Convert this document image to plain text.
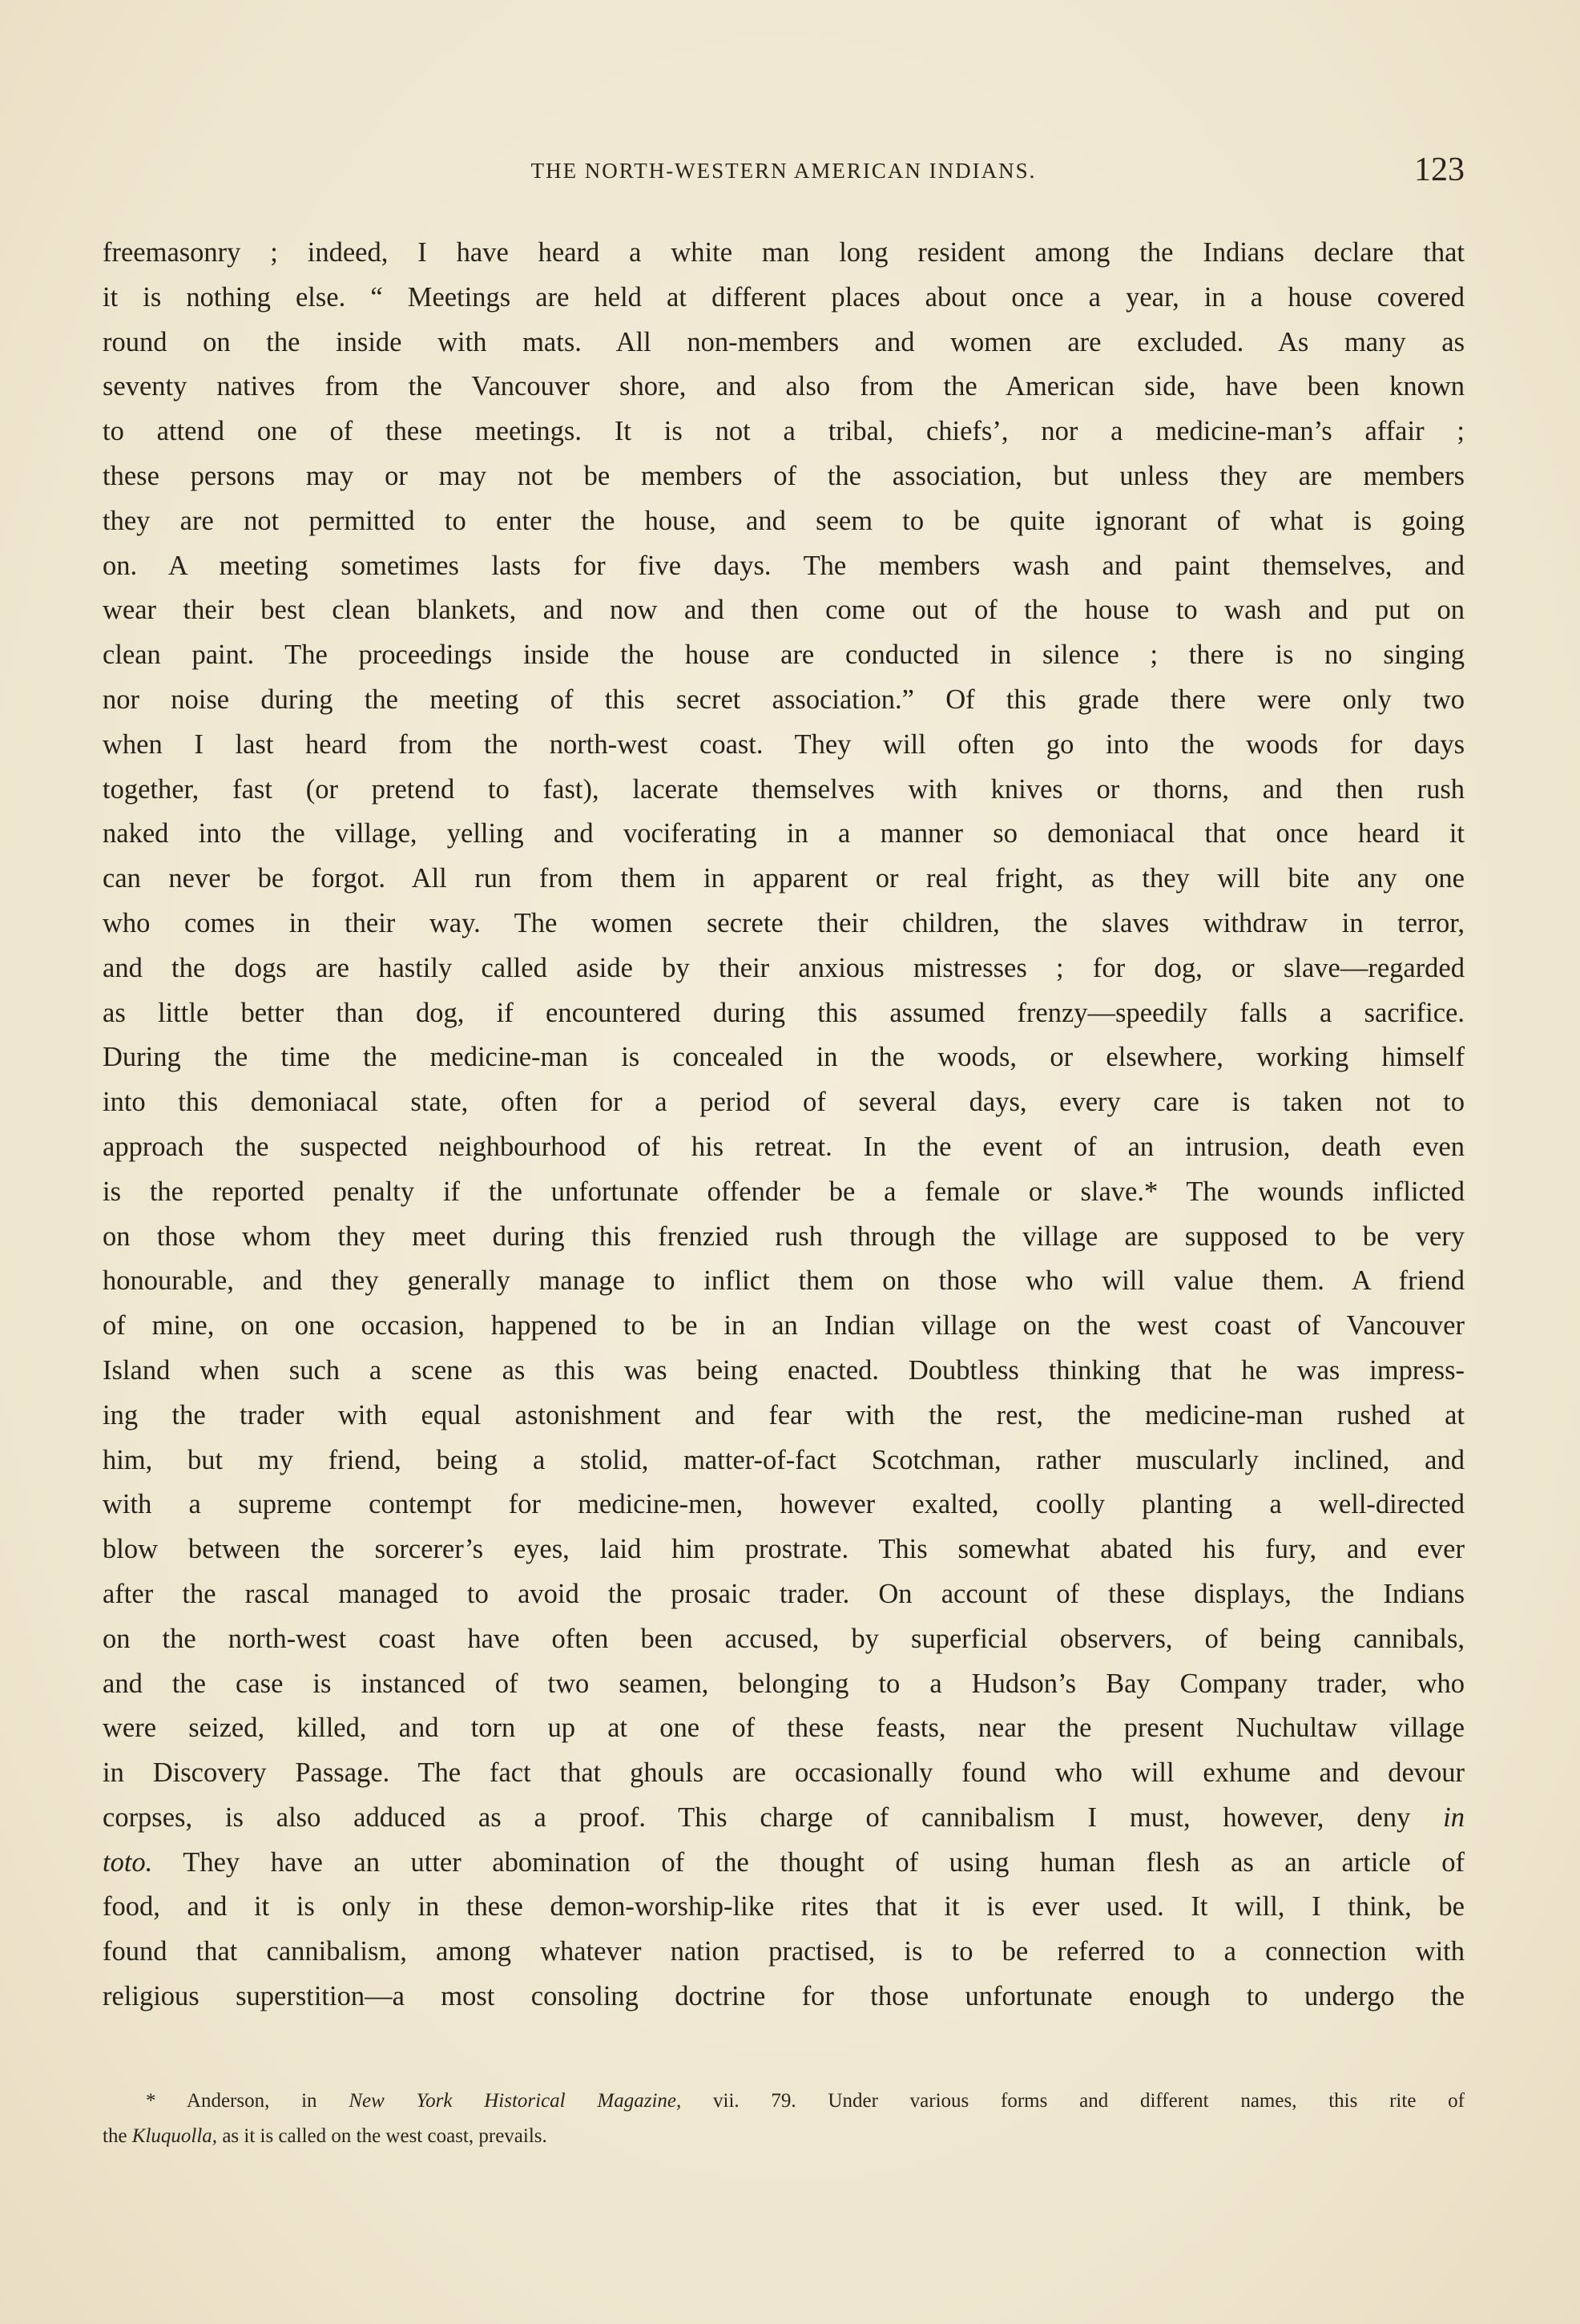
THE NORTH-WESTERN AMERICAN INDIANS.	123
freemasonry ; indeed, I have heard a white man long resident among the Indians declare that
it is nothing else. “ Meetings are held at different places about once a year, in a house covered
round on the inside with mats. All non-members and women are excluded. As many as
seventy natives from the Vancouver shore, and also from the American side, have been known
to attend one of these meetings. It is not a tribal, chiefs’, nor a medicine-man’s affair ;
these persons may or may not be members of the association, but unless they are members
they are not permitted to enter the house, and seem to be quite ignorant of what is going
on. A meeting sometimes lasts for five days. The members wash and paint themselves, and
wear their best clean blankets, and now and then come out of the house to wash and put on
clean paint. The proceedings inside the house are conducted in silence ; there is no singing
nor noise during the meeting of this secret association.” Of this grade there were only two
when I last heard from the north-west coast. They will often go into the woods for days
together, fast (or pretend to fast), lacerate themselves with knives or thorns, and then rush
naked into the village, yelling and vociferating in a manner so demoniacal that once heard it
can never be forgot. All run from them in apparent or real fright, as they will bite any one
who comes in their way. The women secrete their children, the slaves withdraw in terror,
and the dogs are hastily called aside by their anxious mistresses ; for dog, or slave—regarded
as little better than dog, if encountered during this assumed frenzy—speedily falls a sacrifice.
During the time the medicine-man is concealed in the woods, or elsewhere, working himself
into this demoniacal state, often for a period of several days, every care is taken not to
approach the suspected neighbourhood of his retreat. In the event of an intrusion, death even
is the reported penalty if the unfortunate offender be a female or slave.* The wounds inflicted
on those whom they meet during this frenzied rush through the village are supposed to be very
honourable, and they generally manage to inflict them on those who will value them. A friend
of mine, on one occasion, happened to be in an Indian village on the west coast of Vancouver
Island when such a scene as this was being enacted. Doubtless thinking that he was impress-
ing the trader with equal astonishment and fear with the rest, the medicine-man rushed at
him, but my friend, being a stolid, matter-of-fact Scotchman, rather muscularly inclined, and
with a supreme contempt for medicine-men, however exalted, coolly planting a well-directed
blow between the sorcerer’s eyes, laid him prostrate. This somewhat abated his fury, and ever
after the rascal managed to avoid the prosaic trader. On account of these displays, the Indians
on the north-west coast have often been accused, by superficial observers, of being cannibals,
and the case is instanced of two seamen, belonging to a Hudson’s Bay Company trader, who
were seized, killed, and torn up at one of these feasts, near the present Nuchultaw village
in Discovery Passage. The fact that ghouls are occasionally found who will exhume and devour
corpses, is also adduced as a proof. This charge of cannibalism I must, however, deny in
toto. They have an utter abomination of the thought of using human flesh as an article of
food, and it is only in these demon-worship-like rites that it is ever used. It will, I think, be
found that cannibalism, among whatever nation practised, is to be referred to a connection with
religious superstition—a most consoling doctrine for those unfortunate enough to undergo the
* Anderson, in New York Historical Magazine, vii. 79. Under various forms and different names, this rite of
the Kluquolla, as it is called on the west coast, prevails.
